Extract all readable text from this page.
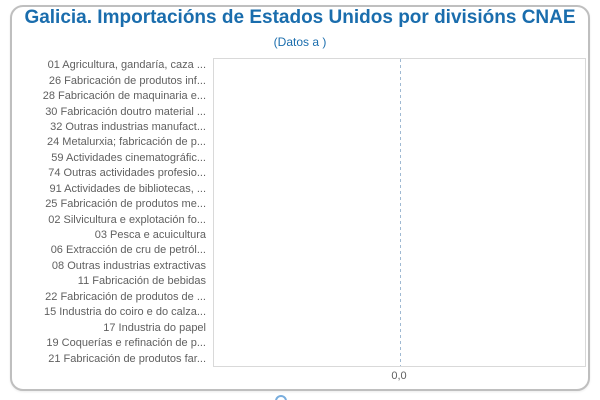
Galicia. Importacións de Estados Unidos por divisións CNAE
(Datos a )
01 Agricultura, gandaría, caza ...
26 Fabricación de produtos inf...
28 Fabricación de maquinaria e...
30 Fabricación doutro material ...
32 Outras industrias manufact...
24 Metalurxia; fabricación de p...
59 Actividades cinematográfic...
74 Outras actividades profesio...
91 Actividades de bibliotecas, ...
25 Fabricación de produtos me...
02 Silvicultura e explotación fo...
03 Pesca e acuicultura
06 Extracción de cru de petról...
08 Outras industrias extractivas
11 Fabricación de bebidas
22 Fabricación de produtos de ...
15 Industria do coiro e do calza...
17 Industria do papel
19 Coquerías e refinación de p...
21 Fabricación de produtos far...
0,0
